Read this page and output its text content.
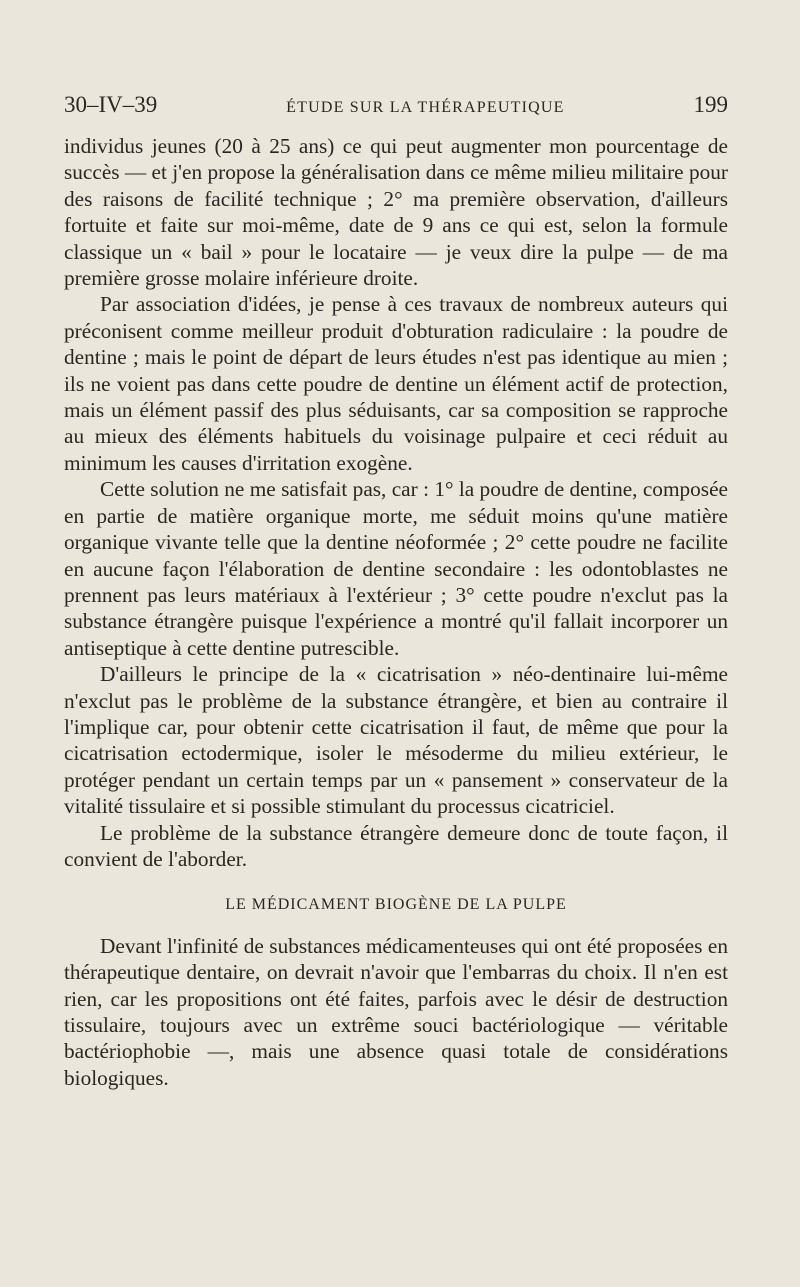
30–IV–39	ÉTUDE SUR LA THÉRAPEUTIQUE	199

individus jeunes (20 à 25 ans) ce qui peut augmenter mon pourcentage de succès — et j'en propose la généralisation dans ce même milieu militaire pour des raisons de facilité technique ; 2° ma première observation, d'ailleurs fortuite et faite sur moi-même, date de 9 ans ce qui est, selon la formule classique un « bail » pour le locataire — je veux dire la pulpe — de ma première grosse molaire inférieure droite.

Par association d'idées, je pense à ces travaux de nombreux auteurs qui préconisent comme meilleur produit d'obturation radiculaire : la poudre de dentine ; mais le point de départ de leurs études n'est pas identique au mien ; ils ne voient pas dans cette poudre de dentine un élément actif de protection, mais un élément passif des plus séduisants, car sa composition se rapproche au mieux des éléments habituels du voisinage pulpaire et ceci réduit au minimum les causes d'irritation exogène.

Cette solution ne me satisfait pas, car : 1° la poudre de dentine, composée en partie de matière organique morte, me séduit moins qu'une matière organique vivante telle que la dentine néoformée ; 2° cette poudre ne facilite en aucune façon l'élaboration de dentine secondaire : les odontoblastes ne prennent pas leurs matériaux à l'extérieur ; 3° cette poudre n'exclut pas la substance étrangère puisque l'expérience a montré qu'il fallait incorporer un antiseptique à cette dentine putrescible.

D'ailleurs le principe de la « cicatrisation » néo-dentinaire lui-même n'exclut pas le problème de la substance étrangère, et bien au contraire il l'implique car, pour obtenir cette cicatrisation il faut, de même que pour la cicatrisation ectodermique, isoler le mésoderme du milieu extérieur, le protéger pendant un certain temps par un « pansement » conservateur de la vitalité tissulaire et si possible stimulant du processus cicatriciel.

Le problème de la substance étrangère demeure donc de toute façon, il convient de l'aborder.

LE MÉDICAMENT BIOGÈNE DE LA PULPE

Devant l'infinité de substances médicamenteuses qui ont été proposées en thérapeutique dentaire, on devrait n'avoir que l'embarras du choix. Il n'en est rien, car les propositions ont été faites, parfois avec le désir de destruction tissulaire, toujours avec un extrême souci bactériologique — véritable bactériophobie —, mais une absence quasi totale de considérations biologiques.
